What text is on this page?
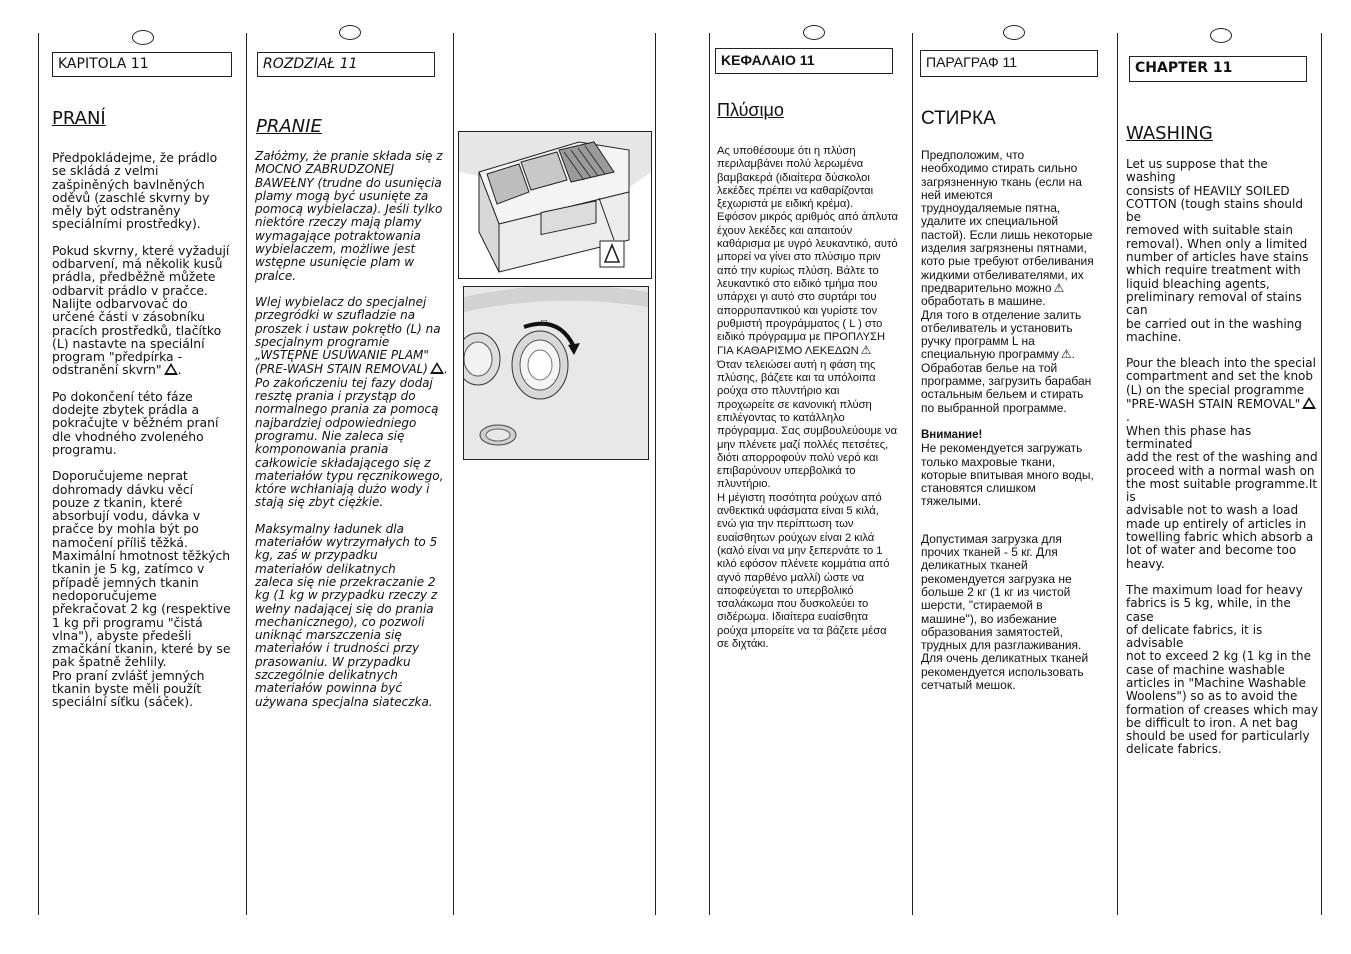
KAPITOLA 11
PRANÍ

Předpokládejme, že prádlo
se skládá z velmi
zašpiněných bavlněných
oděvů (zaschlé skvrny by
měly být odstraněny
speciálními prostředky).

Pokud skvrny, které vyžadují
odbarvení, má několik kusů
prádla, předběžně můžete
odbarvit prádlo v pračce.
Nalijte odbarvovač do
určené části v zásobníku
pracích prostředků, tlačítko
(L) nastavte na speciální
program "předpírka -
odstranění skvrn" .

Po dokončení této fáze
dodejte zbytek prádla a
pokračujte v běžném praní
dle vhodného zvoleného
programu.

Doporučujeme neprat
dohromady dávku věcí
pouze z tkanin, které
absorbují vodu, dávka v
pračce by mohla být po
namočení příliš těžká.
Maximální hmotnost těžkých
tkanin je 5 kg, zatímco v
případě jemných tkanin
nedoporučujeme
překračovat 2 kg (respektive
1 kg při programu "čistá
vlna"), abyste předešli
zmačkání tkanin, které by se
pak špatně žehlily.
Pro praní zvlášť jemných
tkanin byste měli použít
speciální síťku (sáček).

ROZDZIAŁ 11
PRANIE

Załóżmy, że pranie składa się z
MOCNO ZABRUDZONEJ
BAWEŁNY (trudne do usunięcia
plamy mogą być usunięte za
pomocą wybielacza). Jeśli tylko
niektóre rzeczy mają plamy
wymagające potraktowania
wybielaczem, możliwe jest
wstępne usunięcie plam w
pralce.

Wlej wybielacz do specjalnej
przegródki w szufladzie na
proszek i ustaw pokrętło (L) na
specjalnym programie
„WSTĘPNE USUWANIE PLAM"
(PRE-WASH STAIN REMOVAL) .
Po zakończeniu tej fazy dodaj
resztę prania i przystąp do
normalnego prania za pomocą
najbardziej odpowiedniego
programu. Nie zaleca się
komponowania prania
całkowicie składającego się z
materiałów typu ręcznikowego,
które wchłaniają dużo wody i
stają się zbyt ciężkie.

Maksymalny ładunek dla
materiałów wytrzymałych to 5
kg, zaś w przypadku
materiałów delikatnych
zaleca się nie przekraczanie 2
kg (1 kg w przypadku rzeczy z
wełny nadającej się do prania
mechanicznego), co pozwoli
uniknąć marszczenia się
materiałów i trudności przy
prasowaniu. W przypadku
szczególnie delikatnych
materiałów powinna być
używana specjalna siateczka.

▽
ΚΕΦΑΛΑΙΟ 11
Πλύσιμο

Ας υποθέσουμε ότι η πλύση
περιλαμβάνει πολύ λερωμένα
βαμβακερά (ιδιαίτερα δύσκολοι
λεκέδες πρέπει να καθαρίζονται
ξεχωριστά με ειδική κρέμα).
Εφόσον μικρός αριθμός από άπλυτα
έχουν λεκέδες και απαιτούν
καθάρισμα με υγρό λευκαντικό, αυτό
μπορεί να γίνει στο πλύσιμο πριν
από την κυρίως πλύση. Βάλτε το
λευκαντικό στο ειδικό τμήμα που
υπάρχει γι αυτό στο συρτάρι του
απορρυπαντικού και γυρίστε τον
ρυθμιστή προγράμματος ( L ) στο
ειδικό πρόγραμμα με ΠΡΟΠΛΥΣΗ
ΓΙΑ ΚΑΘΑΡΙΣΜΟ ΛΕΚΕΔΩΝ ⚠

Όταν τελειώσει αυτή η φάση της
πλύσης, βάζετε και τα υπόλοιπα
ρούχα στο πλυντήριο και
προχωρείτε σε κανονική πλύση
επιλέγοντας το κατάλληλο
πρόγραμμα. Σας συμβουλεύουμε να
μην πλένετε μαζί πολλές πετσέτες,
διότι απορροφούν πολύ νερό και
επιβαρύνουν υπερβολικά το
πλυντήριο.
Η μέγιστη ποσότητα ρούχων από
ανθεκτικά υφάσματα είναι 5 κιλά,
ενώ για την περίπτωση των
ευαίσθητων ρούχων είναι 2 κιλά
(καλό είναι να μην ξεπερνάτε το 1
κιλό εφόσον πλένετε κομμάτια από
αγνό παρθένο μαλλί) ώστε να
αποφεύγεται το υπερβολικό
τσαλάκωμα που δυσκολεύει το
σιδέρωμα. Ιδιαίτερα ευαίσθητα
ρούχα μπορείτε να τα βάζετε μέσα
σε διχτάκι.

ПАРАГРАФ 11
СТИРКА

Предположим, что
необходимо стирать сильно
загрязненную ткань (если на
ней имеются
трудноудаляемые пятна,
удалите их специальной
пастой). Если лишь некоторые
изделия загрязнены пятнами,
кото рые требуют отбеливания
жидкими отбеливателями, их
предварительно можно ⚠

обработать в машине.
Для того в отделение залить
отбеливатель и установить
ручку программ L на
специальную программу ⚠.
Обработав белье на той
программе, загрузить барабан
остальным бельем и стирать
по выбранной программе.

Внимание!

Не рекомендуется загружать
только махровые ткани,
которые впитывая много воды,
становятся слишком
тяжелыми.

Допустимая загрузка для
прочих тканей - 5 кг. Для
деликатных тканей
рекомендуется загрузка не
больше 2 кг (1 кг из чистой
шерсти, "стираемой в
машине"), во избежание
образования замятостей,
трудных для разглаживания.
Для очень деликатных тканей
рекомендуется использовать
сетчатый мешок.

CHAPTER 11
WASHING

Let us suppose that the washing
consists of HEAVILY SOILED
COTTON (tough stains should be
removed with suitable stain
removal). When only a limited
number of articles have stains
which require treatment with
liquid bleaching agents,
preliminary removal of stains can
be carried out in the washing
machine.

Pour the bleach into the special
compartment and set the knob
(L) on the special programme
"PRE-WASH STAIN REMOVAL".
When this phase has terminated
add the rest of the washing and
proceed with a normal wash on
the most suitable programme.It is
advisable not to wash a load
made up entirely of articles in
towelling fabric which absorb a
lot of water and become too
heavy.

The maximum load for heavy
fabrics is 5 kg, while, in the case
of delicate fabrics, it is advisable
not to exceed 2 kg (1 kg in the
case of machine washable
articles in "Machine Washable
Woolens") so as to avoid the
formation of creases which may
be difficult to iron. A net bag
should be used for particularly
delicate fabrics.
